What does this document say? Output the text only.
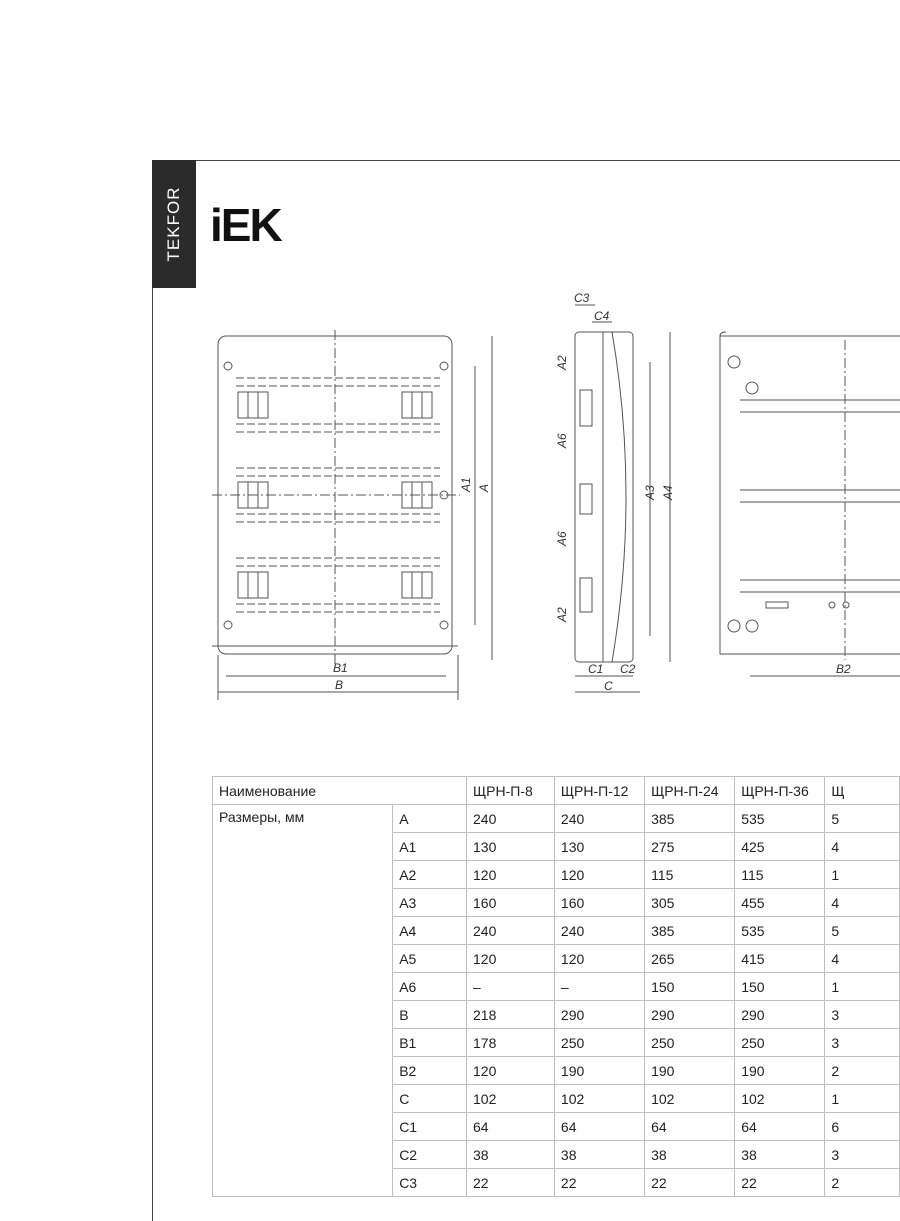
TEKFOR iEK
A1 A
B1
B
C3
C4
A2
A6
A6
A2
A3 A4
C1 C2
C
B2
Наименование		ЩРН-П-8	ЩРН-П-12	ЩРН-П-24	ЩРН-П-36	Щ
Размеры, мм	A	240	240	385	535	5
	A1	130	130	275	425	4
	A2	120	120	115	115	1
	A3	160	160	305	455	4
	A4	240	240	385	535	5
	A5	120	120	265	415	4
	A6	–	–	150	150	1
	B	218	290	290	290	3
	B1	178	250	250	250	3
	B2	120	190	190	190	2
	C	102	102	102	102	1
	C1	64	64	64	64	6
	C2	38	38	38	38	3
	C3	22	22	22	22	2
